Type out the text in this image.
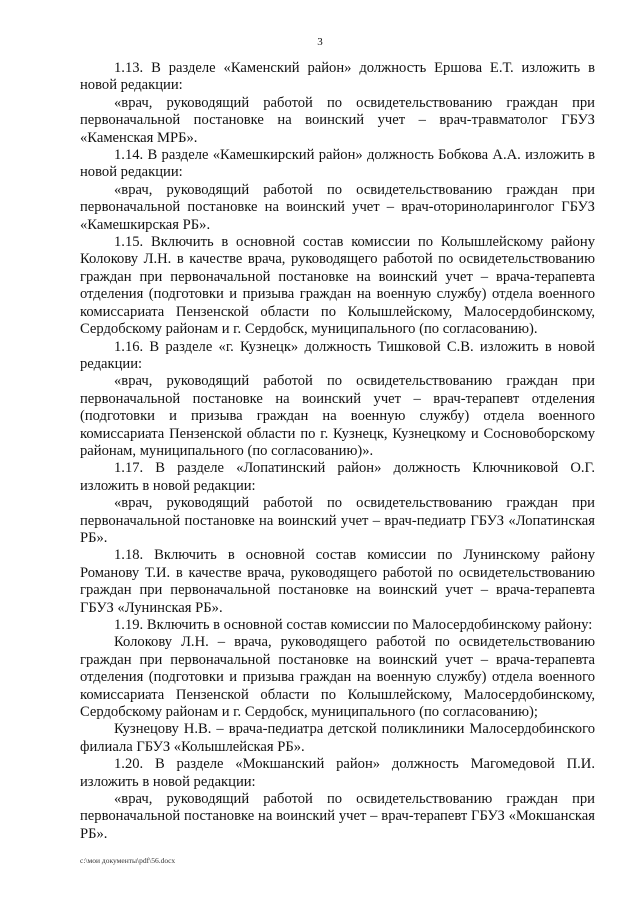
3

1.13. В разделе «Каменский район» должность Ершова Е.Т. изложить в новой редакции:

«врач, руководящий работой по освидетельствованию граждан при первоначальной постановке на воинский учет – врач-травматолог ГБУЗ «Каменская МРБ».

1.14. В разделе «Камешкирский район» должность Бобкова А.А. изложить в новой редакции:

«врач, руководящий работой по освидетельствованию граждан при первоначальной постановке на воинский учет – врач-оториноларинголог ГБУЗ «Камешкирская РБ».

1.15. Включить в основной состав комиссии по Колышлейскому району Колокову Л.Н. в качестве врача, руководящего работой по освидетельствованию граждан при первоначальной постановке на воинский учет – врача-терапевта отделения (подготовки и призыва граждан на военную службу) отдела военного комиссариата Пензенской области по Колышлейскому, Малосердобинскому, Сердобскому районам и г. Сердобск, муниципального (по согласованию).

1.16. В разделе «г. Кузнецк» должность Тишковой С.В. изложить в новой редакции:

«врач, руководящий работой по освидетельствованию граждан при первоначальной постановке на воинский учет – врач-терапевт отделения (подготовки и призыва граждан на военную службу) отдела военного комиссариата Пензенской области по г. Кузнецк, Кузнецкому и Сосновоборскому районам, муниципального (по согласованию)».

1.17. В разделе «Лопатинский район» должность Ключниковой О.Г. изложить в новой редакции:

«врач, руководящий работой по освидетельствованию граждан при первоначальной постановке на воинский учет – врач-педиатр ГБУЗ «Лопатинская РБ».

1.18. Включить в основной состав комиссии по Лунинскому району Романову Т.И. в качестве врача, руководящего работой по освидетельствованию граждан при первоначальной постановке на воинский учет – врача-терапевта ГБУЗ «Лунинская РБ».

1.19. Включить в основной состав комиссии по Малосердобинскому району:

Колокову Л.Н. – врача, руководящего работой по освидетельствованию граждан при первоначальной постановке на воинский учет – врача-терапевта отделения (подготовки и призыва граждан на военную службу) отдела военного комиссариата Пензенской области по Колышлейскому, Малосердобинскому, Сердобскому районам и г. Сердобск, муниципального (по согласованию);

Кузнецову Н.В. – врача-педиатра детской поликлиники Малосердобинского филиала ГБУЗ «Колышлейская РБ».

1.20. В разделе «Мокшанский район» должность Магомедовой П.И. изложить в новой редакции:

«врач, руководящий работой по освидетельствованию граждан при первоначальной постановке на воинский учет – врач-терапевт ГБУЗ «Мокшанская РБ».

c:\мои документы\pdf\56.docx
